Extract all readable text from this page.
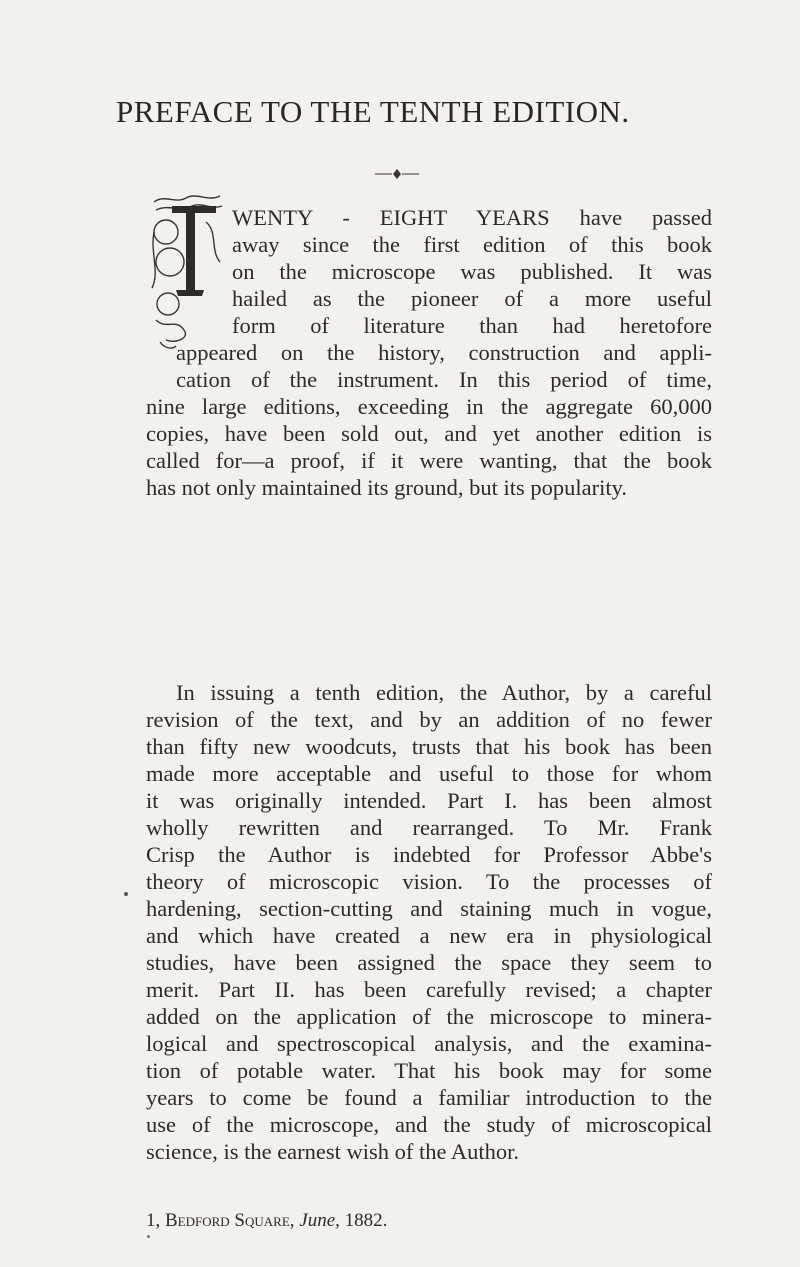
PREFACE TO THE TENTH EDITION.
WENTY - EIGHT YEARS have passed
away since the first edition of this book
on the microscope was published. It was
hailed as the pioneer of a more useful
form of literature than had heretofore
appeared on the history, construction and appli-
cation of the instrument. In this period of time,
nine large editions, exceeding in the aggregate 60,000
copies, have been sold out, and yet another edition is
called for—a proof, if it were wanting, that the book
has not only maintained its ground, but its popularity.
In issuing a tenth edition, the Author, by a careful
revision of the text, and by an addition of no fewer
than fifty new woodcuts, trusts that his book has been
made more acceptable and useful to those for whom
it was originally intended. Part I. has been almost
wholly rewritten and rearranged. To Mr. Frank
Crisp the Author is indebted for Professor Abbe's
theory of microscopic vision. To the processes of
hardening, section-cutting and staining much in vogue,
and which have created a new era in physiological
studies, have been assigned the space they seem to
merit. Part II. has been carefully revised; a chapter
added on the application of the microscope to minera-
logical and spectroscopical analysis, and the examina-
tion of potable water. That his book may for some
years to come be found a familiar introduction to the
use of the microscope, and the study of microscopical
science, is the earnest wish of the Author.
1, Bedford Square, June, 1882.
